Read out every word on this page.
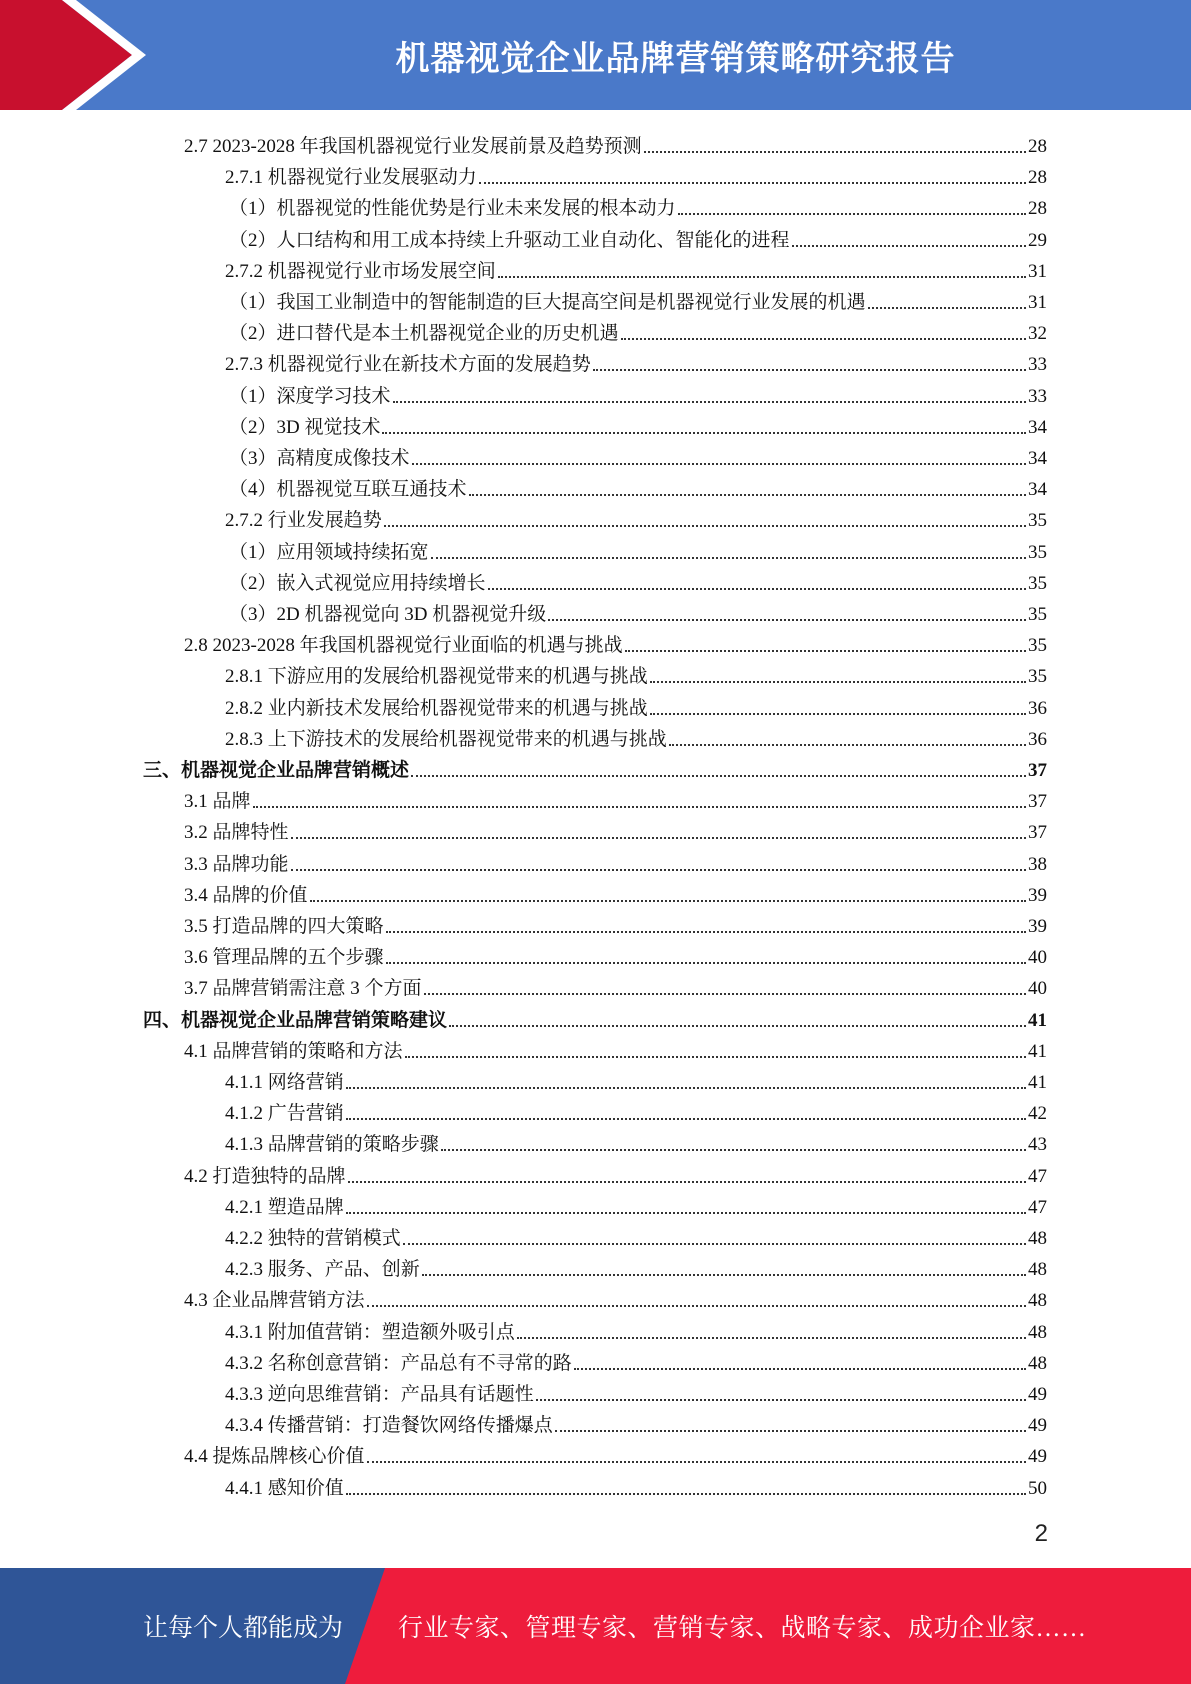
机器视觉企业品牌营销策略研究报告
2.7 2023-2028 年我国机器视觉行业发展前景及趋势预测	28
2.7.1 机器视觉行业发展驱动力	28
（1）机器视觉的性能优势是行业未来发展的根本动力	28
（2）人口结构和用工成本持续上升驱动工业自动化、智能化的进程	29
2.7.2 机器视觉行业市场发展空间	31
（1）我国工业制造中的智能制造的巨大提高空间是机器视觉行业发展的机遇	31
（2）进口替代是本土机器视觉企业的历史机遇	32
2.7.3 机器视觉行业在新技术方面的发展趋势	33
（1）深度学习技术	33
（2）3D 视觉技术	34
（3）高精度成像技术	34
（4）机器视觉互联互通技术	34
2.7.2 行业发展趋势	35
（1）应用领域持续拓宽	35
（2）嵌入式视觉应用持续增长	35
（3）2D 机器视觉向 3D 机器视觉升级	35
2.8 2023-2028 年我国机器视觉行业面临的机遇与挑战	35
2.8.1 下游应用的发展给机器视觉带来的机遇与挑战	35
2.8.2 业内新技术发展给机器视觉带来的机遇与挑战	36
2.8.3 上下游技术的发展给机器视觉带来的机遇与挑战	36
三、机器视觉企业品牌营销概述	37
3.1 品牌	37
3.2 品牌特性	37
3.3 品牌功能	38
3.4 品牌的价值	39
3.5 打造品牌的四大策略	39
3.6 管理品牌的五个步骤	40
3.7 品牌营销需注意 3 个方面	40
四、机器视觉企业品牌营销策略建议	41
4.1 品牌营销的策略和方法	41
4.1.1 网络营销	41
4.1.2 广告营销	42
4.1.3 品牌营销的策略步骤	43
4.2 打造独特的品牌	47
4.2.1 塑造品牌	47
4.2.2 独特的营销模式	48
4.2.3 服务、产品、创新	48
4.3 企业品牌营销方法	48
4.3.1 附加值营销：塑造额外吸引点	48
4.3.2 名称创意营销：产品总有不寻常的路	48
4.3.3 逆向思维营销：产品具有话题性	49
4.3.4 传播营销：打造餐饮网络传播爆点	49
4.4 提炼品牌核心价值	49
4.4.1 感知价值	50
2
让每个人都能成为 行业专家、管理专家、营销专家、战略专家、成功企业家……
